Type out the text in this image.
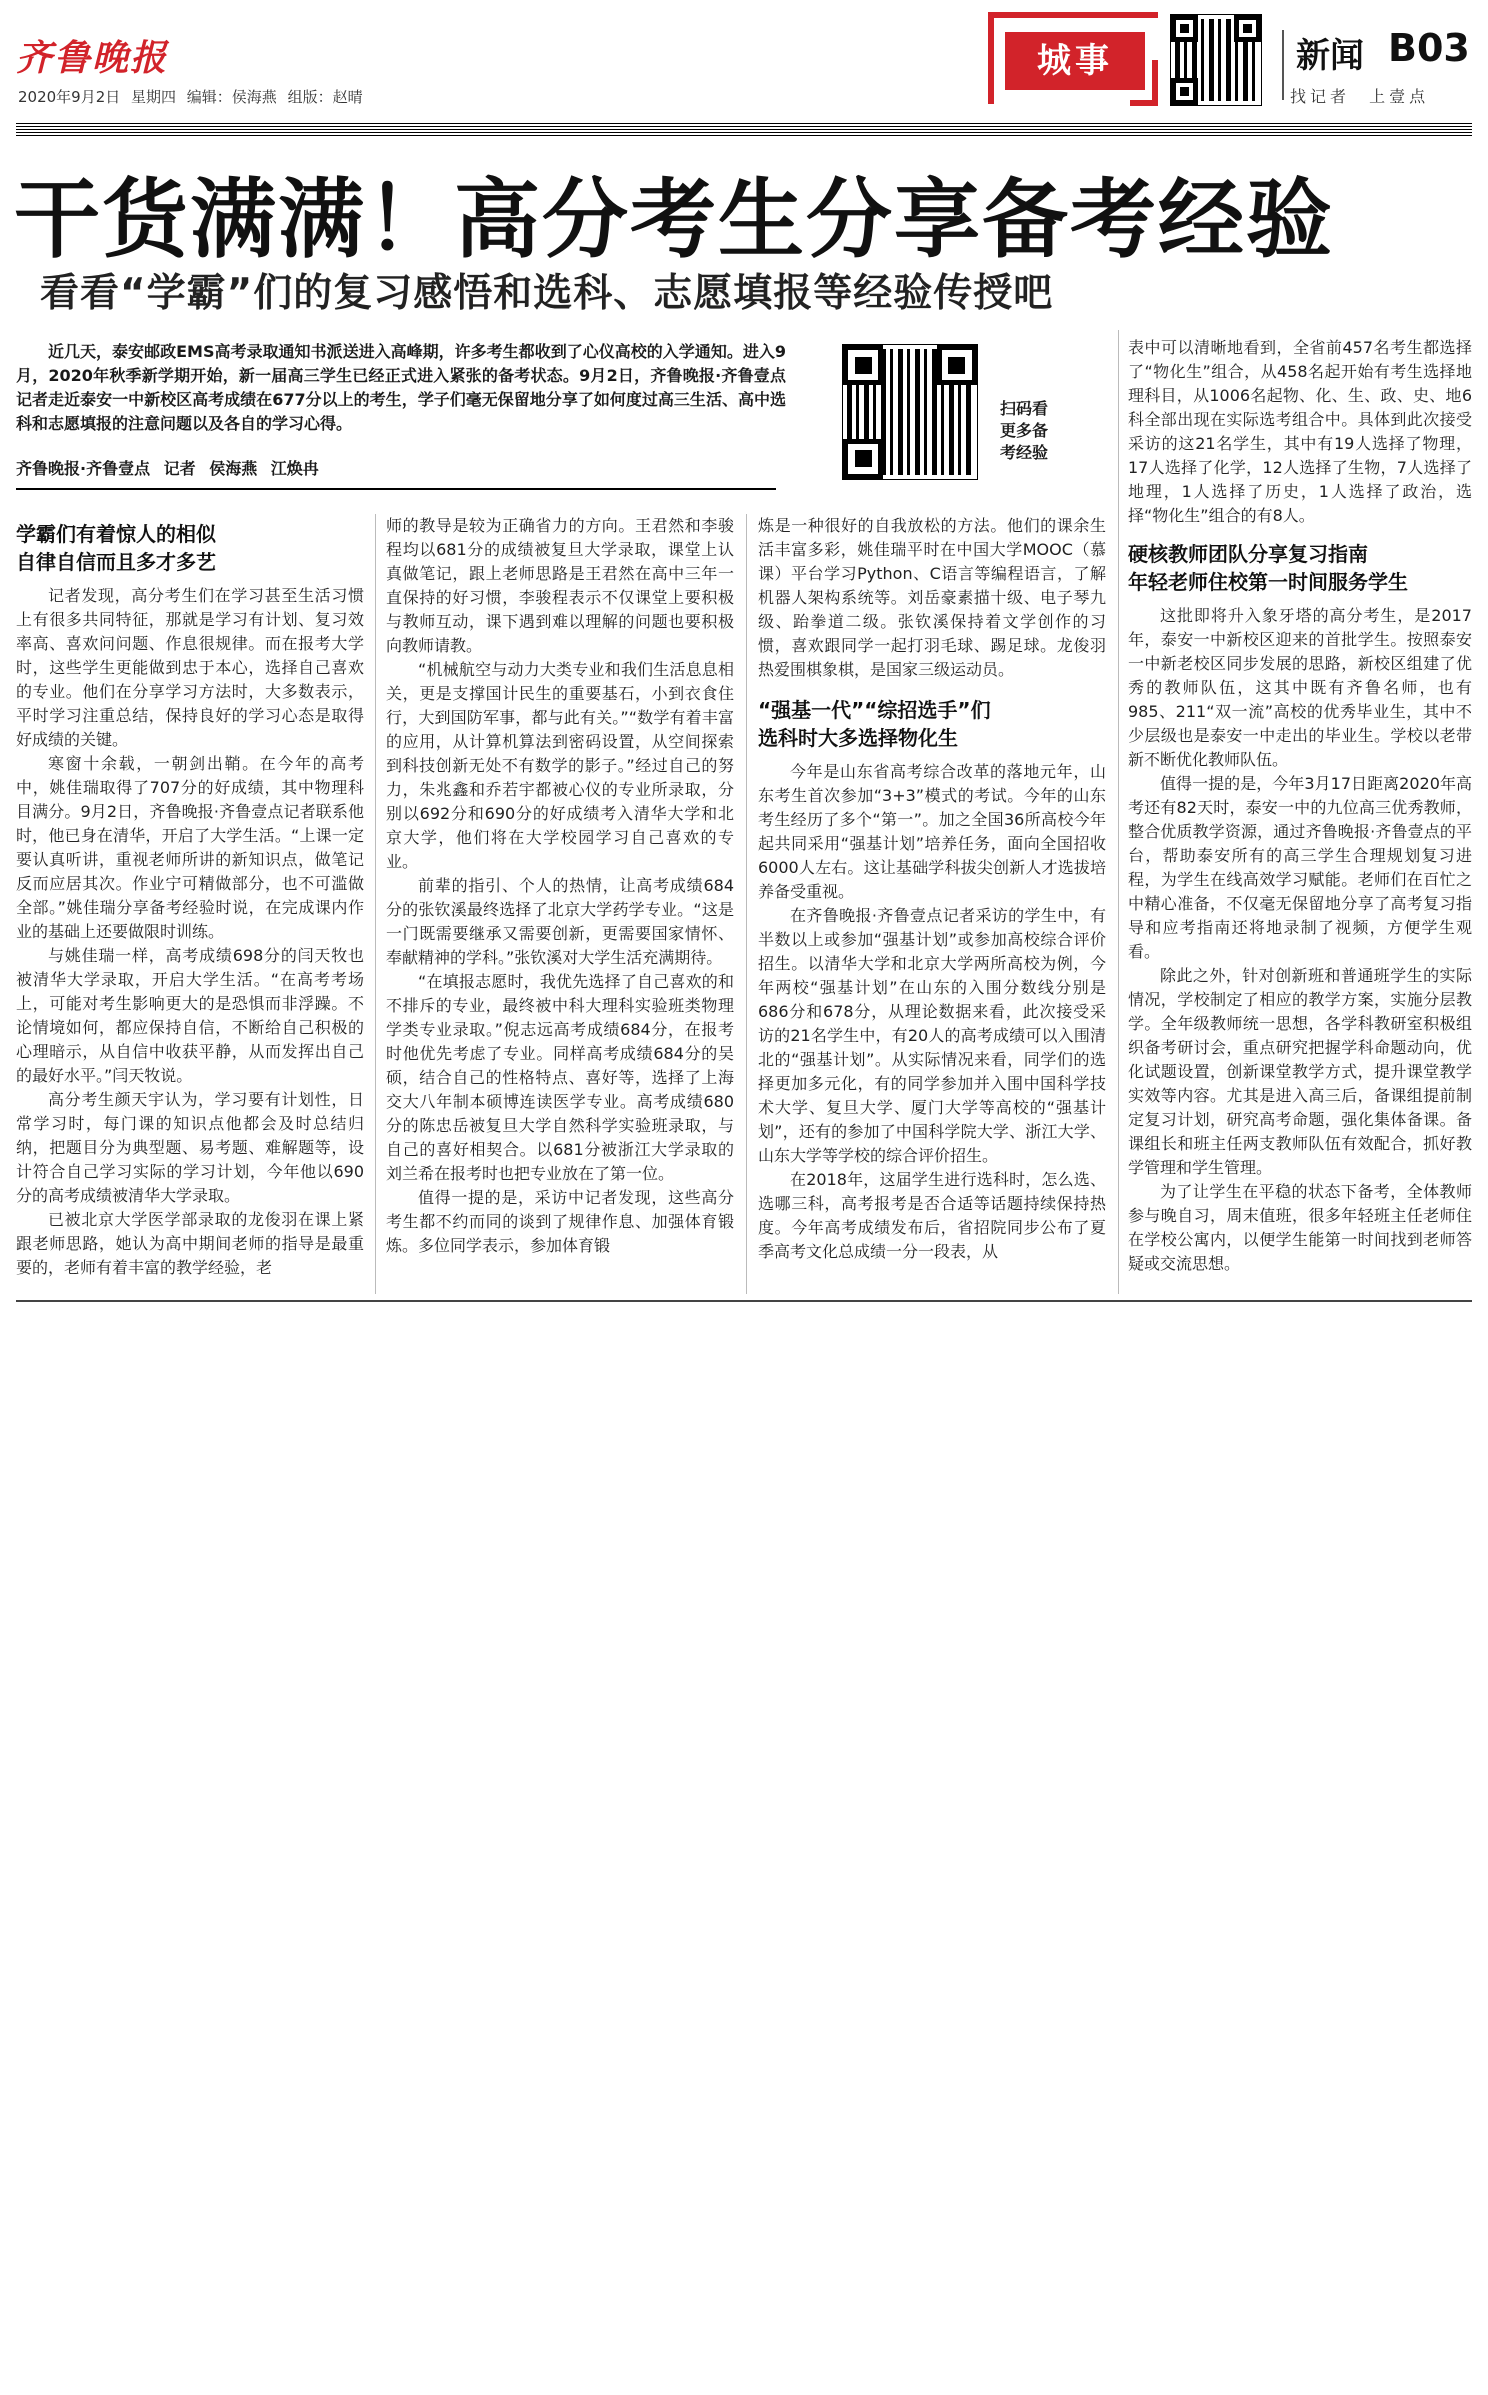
齐鲁晚报
2020年9月2日 星期四 编辑：侯海燕 组版：赵晴
城事	新闻 B03
找记者 上壹点
干货满满！高分考生分享备考经验
看看“学霸”们的复习感悟和选科、志愿填报等经验传授吧
近几天，泰安邮政EMS高考录取通知书派送进入高峰期，许多考生都收到了心仪高校的入学通知。进入9月，2020年秋季新学期开始，新一届高三学生已经正式进入紧张的备考状态。9月2日，齐鲁晚报·齐鲁壹点记者走近泰安一中新校区高考成绩在677分以上的考生，学子们毫无保留地分享了如何度过高三生活、高中选科和志愿填报的注意问题以及各自的学习心得。
扫码看更多备考经验
齐鲁晚报·齐鲁壹点 记者 侯海燕 江焕冉
学霸们有着惊人的相似
自律自信而且多才多艺

记者发现，高分考生们在学习甚至生活习惯上有很多共同特征，那就是学习有计划、复习效率高、喜欢问问题、作息很规律。而在报考大学时，这些学生更能做到忠于本心，选择自己喜欢的专业。他们在分享学习方法时，大多数表示，平时学习注重总结，保持良好的学习心态是取得好成绩的关键。

寒窗十余载，一朝剑出鞘。在今年的高考中，姚佳瑞取得了707分的好成绩，其中物理科目满分。9月2日，齐鲁晚报·齐鲁壹点记者联系他时，他已身在清华，开启了大学生活。“上课一定要认真听讲，重视老师所讲的新知识点，做笔记反而应居其次。作业宁可精做部分，也不可滥做全部。”姚佳瑞分享备考经验时说，在完成课内作业的基础上还要做限时训练。

与姚佳瑞一样，高考成绩698分的闫天牧也被清华大学录取，开启大学生活。“在高考考场上，可能对考生影响更大的是恐惧而非浮躁。不论情境如何，都应保持自信，不断给自己积极的心理暗示，从自信中收获平静，从而发挥出自己的最好水平。”闫天牧说。

高分考生颜天宇认为，学习要有计划性，日常学习时，每门课的知识点他都会及时总结归纳，把题目分为典型题、易考题、难解题等，设计符合自己学习实际的学习计划，今年他以690分的高考成绩被清华大学录取。

已被北京大学医学部录取的龙俊羽在课上紧跟老师思路，她认为高中期间老师的指导是最重要的，老师有着丰富的教学经验，老

师的教导是较为正确省力的方向。王君然和李骏程均以681分的成绩被复旦大学录取，课堂上认真做笔记，跟上老师思路是王君然在高中三年一直保持的好习惯，李骏程表示不仅课堂上要积极与教师互动，课下遇到难以理解的问题也要积极向教师请教。

“机械航空与动力大类专业和我们生活息息相关，更是支撑国计民生的重要基石，小到衣食住行，大到国防军事，都与此有关。”“数学有着丰富的应用，从计算机算法到密码设置，从空间探索到科技创新无处不有数学的影子。”经过自己的努力，朱兆鑫和乔若宇都被心仪的专业所录取，分别以692分和690分的好成绩考入清华大学和北京大学，他们将在大学校园学习自己喜欢的专业。

前辈的指引、个人的热情，让高考成绩684分的张钦溪最终选择了北京大学药学专业。“这是一门既需要继承又需要创新，更需要国家情怀、奉献精神的学科。”张钦溪对大学生活充满期待。

“在填报志愿时，我优先选择了自己喜欢的和不排斥的专业，最终被中科大理科实验班类物理学类专业录取。”倪志远高考成绩684分，在报考时他优先考虑了专业。同样高考成绩684分的吴硕，结合自己的性格特点、喜好等，选择了上海交大八年制本硕博连读医学专业。高考成绩680分的陈忠岳被复旦大学自然科学实验班录取，与自己的喜好相契合。以681分被浙江大学录取的刘兰希在报考时也把专业放在了第一位。

值得一提的是，采访中记者发现，这些高分考生都不约而同的谈到了规律作息、加强体育锻炼。多位同学表示，参加体育锻

炼是一种很好的自我放松的方法。他们的课余生活丰富多彩，姚佳瑞平时在中国大学MOOC（慕课）平台学习Python、C语言等编程语言，了解机器人架构系统等。刘岳豪素描十级、电子琴九级、跆拳道二级。张钦溪保持着文学创作的习惯，喜欢跟同学一起打羽毛球、踢足球。龙俊羽热爱围棋象棋，是国家三级运动员。

“强基一代”“综招选手”们
选科时大多选择物化生

今年是山东省高考综合改革的落地元年，山东考生首次参加“3+3”模式的考试。今年的山东考生经历了多个“第一”。加之全国36所高校今年起共同采用“强基计划”培养任务，面向全国招收6000人左右。这让基础学科拔尖创新人才选拔培养备受重视。

在齐鲁晚报·齐鲁壹点记者采访的学生中，有半数以上或参加“强基计划”或参加高校综合评价招生。以清华大学和北京大学两所高校为例，今年两校“强基计划”在山东的入围分数线分别是686分和678分，从理论数据来看，此次接受采访的21名学生中，有20人的高考成绩可以入围清北的“强基计划”。从实际情况来看，同学们的选择更加多元化，有的同学参加并入围中国科学技术大学、复旦大学、厦门大学等高校的“强基计划”，还有的参加了中国科学院大学、浙江大学、山东大学等学校的综合评价招生。

在2018年，这届学生进行选科时，怎么选、选哪三科，高考报考是否合适等话题持续保持热度。今年高考成绩发布后，省招院同步公布了夏季高考文化总成绩一分一段表，从

表中可以清晰地看到，全省前457名考生都选择了“物化生”组合，从458名起开始有考生选择地理科目，从1006名起物、化、生、政、史、地6科全部出现在实际选考组合中。具体到此次接受采访的这21名学生，其中有19人选择了物理，17人选择了化学，12人选择了生物，7人选择了地理，1人选择了历史，1人选择了政治，选择“物化生”组合的有8人。

硬核教师团队分享复习指南
年轻老师住校第一时间服务学生

这批即将升入象牙塔的高分考生，是2017年，泰安一中新校区迎来的首批学生。按照泰安一中新老校区同步发展的思路，新校区组建了优秀的教师队伍，这其中既有齐鲁名师，也有985、211“双一流”高校的优秀毕业生，其中不少层级也是泰安一中走出的毕业生。学校以老带新不断优化教师队伍。

值得一提的是，今年3月17日距离2020年高考还有82天时，泰安一中的九位高三优秀教师，整合优质教学资源，通过齐鲁晚报·齐鲁壹点的平台，帮助泰安所有的高三学生合理规划复习进程，为学生在线高效学习赋能。老师们在百忙之中精心准备，不仅毫无保留地分享了高考复习指导和应考指南还将地录制了视频，方便学生观看。

除此之外，针对创新班和普通班学生的实际情况，学校制定了相应的教学方案，实施分层教学。全年级教师统一思想，各学科教研室积极组织备考研讨会，重点研究把握学科命题动向，优化试题设置，创新课堂教学方式，提升课堂教学实效等内容。尤其是进入高三后，备课组提前制定复习计划，研究高考命题，强化集体备课。备课组长和班主任两支教师队伍有效配合，抓好教学管理和学生管理。

为了让学生在平稳的状态下备考，全体教师参与晚自习，周末值班，很多年轻班主任老师住在学校公寓内，以便学生能第一时间找到老师答疑或交流思想。
